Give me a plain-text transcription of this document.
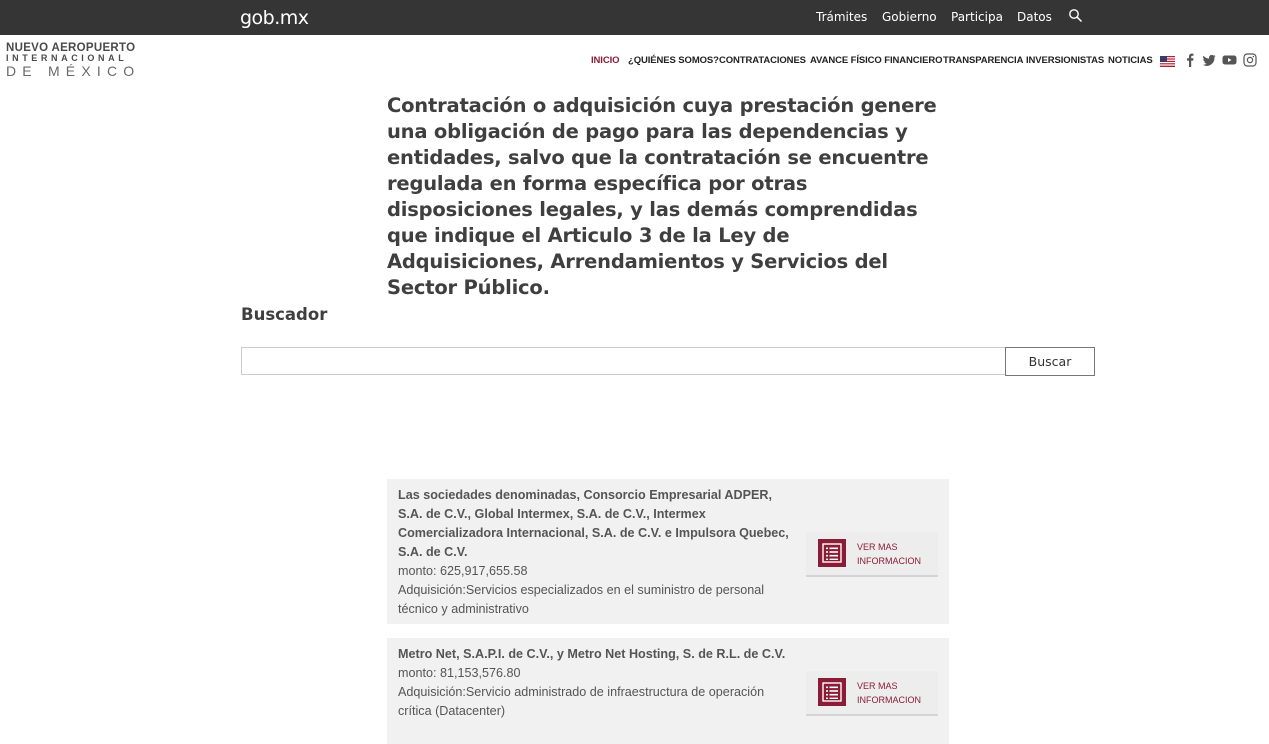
gob.mx	Trámites Gobierno Participa Datos
NUEVO AEROPUERTO
INTERNACIONAL
DE MÉXICO
INICIO ¿QUIÉNES SOMOS? CONTRATACIONES AVANCE FÍSICO FINANCIERO TRANSPARENCIA INVERSIONISTAS NOTICIAS
Contratación o adquisición cuya prestación genere una obligación de pago para las dependencias y entidades, salvo que la contratación se encuentre regulada en forma específica por otras disposiciones legales, y las demás comprendidas que indique el Articulo 3 de la Ley de Adquisiciones, Arrendamientos y Servicios del Sector Público.
Buscador
Buscar
Las sociedades denominadas, Consorcio Empresarial ADPER, S.A. de C.V., Global Intermex, S.A. de C.V., Intermex Comercializadora Internacional, S.A. de C.V. e Impulsora Quebec, S.A. de C.V.
monto: 625,917,655.58
Adquisición:Servicios especializados en el suministro de personal técnico y administrativo
VER MAS INFORMACION
Metro Net, S.A.P.I. de C.V., y Metro Net Hosting, S. de R.L. de C.V.
monto: 81,153,576.80
Adquisición:Servicio administrado de infraestructura de operación crítica (Datacenter)
VER MAS INFORMACION
